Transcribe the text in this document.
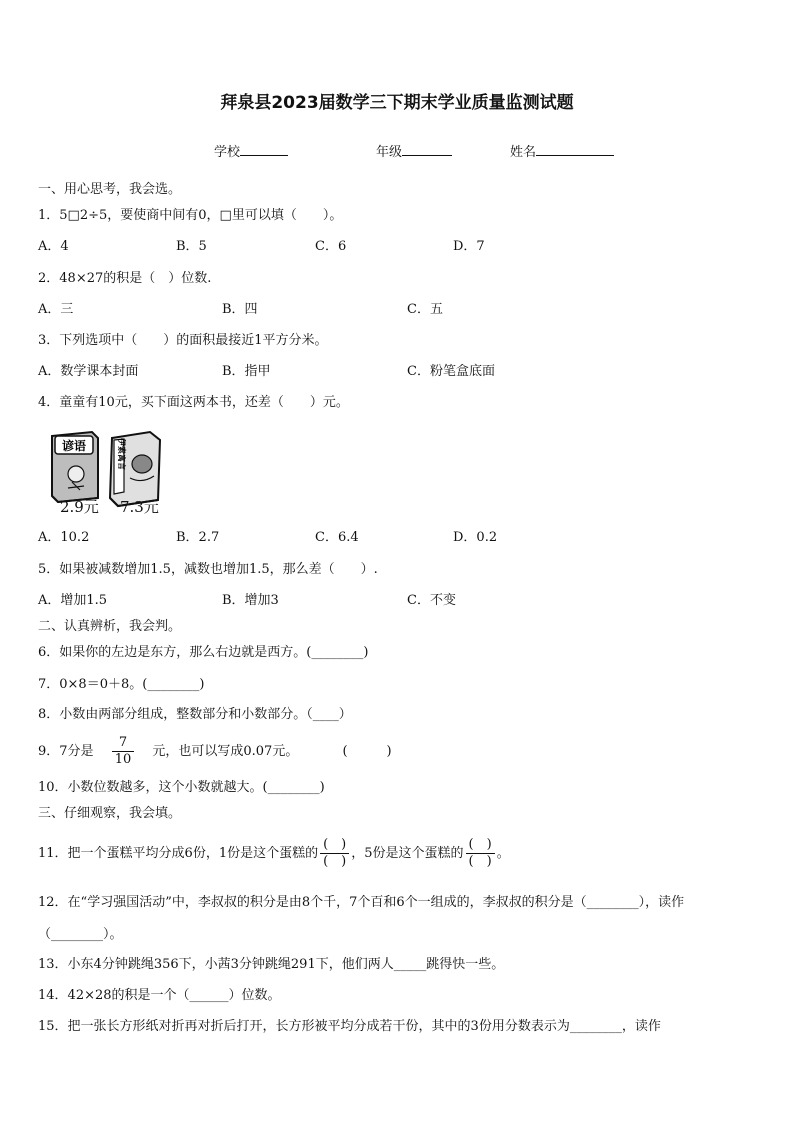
拜泉县2023届数学三下期末学业质量监测试题
学校	年级	姓名
一、用心思考，我会选。
1．5□2÷5，要使商中间有0，□里可以填（　　）。
A．4	B．5	C．6	D．7
2．48×27的积是（　）位数.
A．三	B．四	C．五
3．下列选项中（　　）的面积最接近1平方分米。
A．数学课本封面	B．指甲	C．粉笔盒底面
4．童童有10元，买下面这两本书，还差（　　）元。
谚语	伊索寓言
2.9元 7.3元
A．10.2	B．2.7	C．6.4	D．0.2
5．如果被减数增加1.5，减数也增加1.5，那么差（　　）.
A．增加1.5	B．增加3	C．不变
二、认真辨析，我会判。
6．如果你的左边是东方，那么右边就是西方。(________)
7．0×8＝0＋8。(________)
8．小数由两部分组成，整数部分和小数部分。（____）
9．7分是 $\frac{7}{10}$ 元，也可以写成0.07元。	(　　　)
10．小数位数越多，这个小数就越大。(________)
三、仔细观察，我会填。
11．把一个蛋糕平均分成6份，1份是这个蛋糕的 $\frac{( )}{( )}$ ，5份是这个蛋糕的 $\frac{( )}{( )}$ 。
12．在“学习强国活动”中，李叔叔的积分是由8个千，7个百和6个一组成的，李叔叔的积分是（________），读作
（________）。
13．小东4分钟跳绳356下，小茜3分钟跳绳291下，他们两人_____跳得快一些。
14．42×28的积是一个（______）位数。
15．把一张长方形纸对折再对折后打开，长方形被平均分成若干份，其中的3份用分数表示为________，读作
